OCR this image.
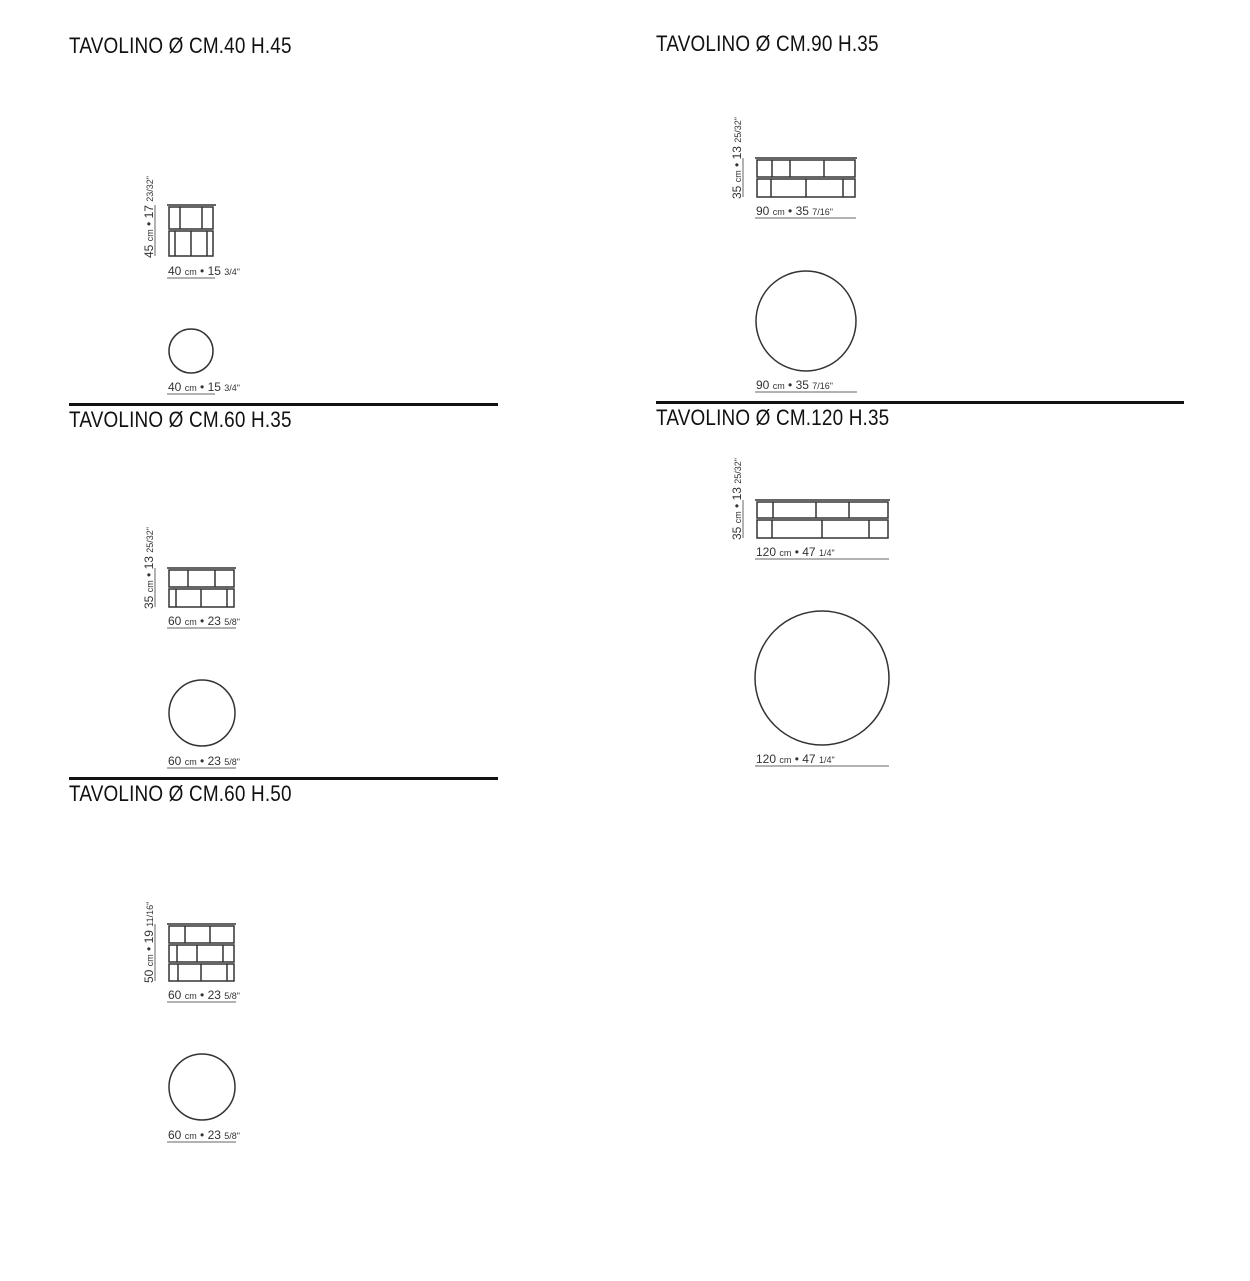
TAVOLINO Ø CM.40 H.45	TAVOLINO Ø CM.90 H.35
TAVOLINO Ø CM.60 H.35	TAVOLINO Ø CM.120 H.35
TAVOLINO Ø CM.60 H.50
45 cm • 17 23/32"
40 cm • 15 3/4"
40 cm • 15 3/4"
35 cm • 13 25/32"
90 cm • 35 7/16"
90 cm • 35 7/16"
35 cm • 13 25/32"
60 cm • 23 5/8"
60 cm • 23 5/8"
35 cm • 13 25/32"
120 cm • 47 1/4"
120 cm • 47 1/4"
50 cm • 19 11/16"
60 cm • 23 5/8"
60 cm • 23 5/8"
